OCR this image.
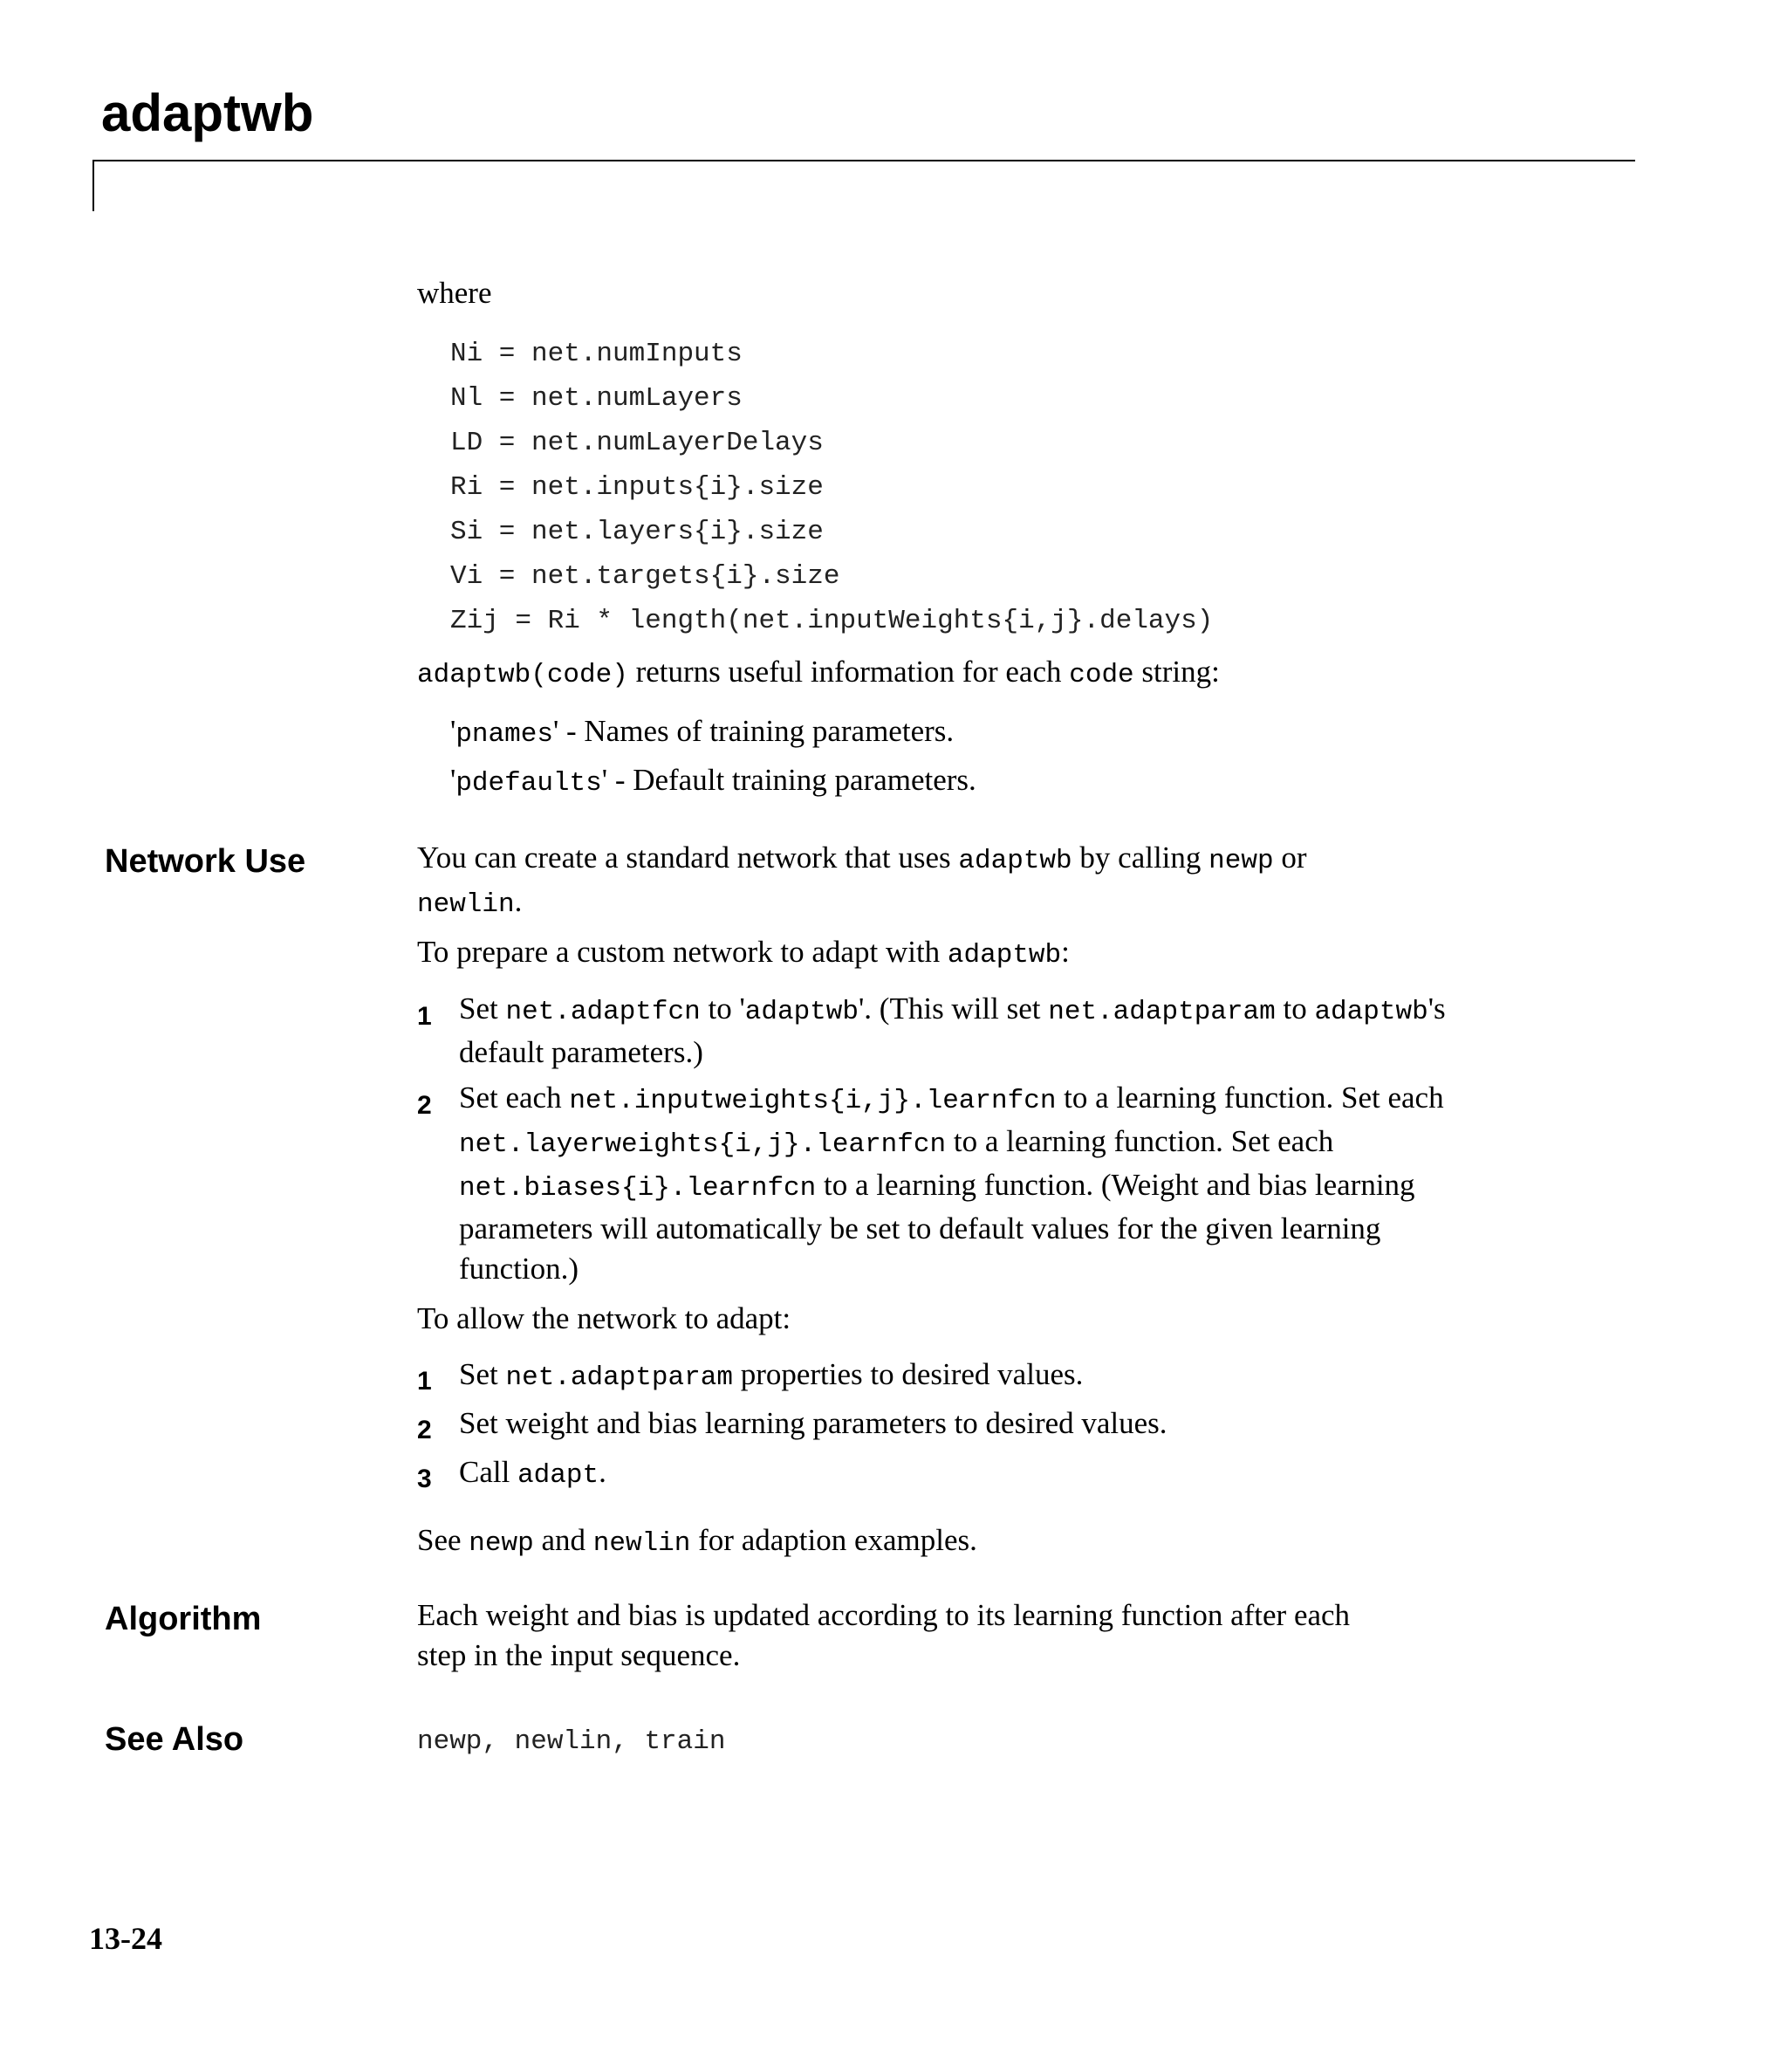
adaptwb

where

Ni = net.numInputs

Nl = net.numLayers

LD = net.numLayerDelays

Ri = net.inputs{i}.size

Si = net.layers{i}.size

Vi = net.targets{i}.size

Zij = Ri * length(net.inputWeights{i,j}.delays)

adaptwb(code) returns useful information for each code string:

'pnames' - Names of training parameters.

'pdefaults' - Default training parameters.

Network Use	You can create a standard network that uses adaptwb by calling newp or
newlin.

To prepare a custom network to adapt with adaptwb:

1 Set net.adaptfcn to 'adaptwb'. (This will set net.adaptparam to adaptwb's
default parameters.)

2 Set each net.inputweights{i,j}.learnfcn to a learning function. Set each
net.layerweights{i,j}.learnfcn to a learning function. Set each
net.biases{i}.learnfcn to a learning function. (Weight and bias learning
parameters will automatically be set to default values for the given learning
function.)

To allow the network to adapt:

1 Set net.adaptparam properties to desired values.

2 Set weight and bias learning parameters to desired values.

3 Call adapt.

See newp and newlin for adaption examples.

Algorithm	Each weight and bias is updated according to its learning function after each
step in the input sequence.

See Also	newp, newlin, train

13-24
